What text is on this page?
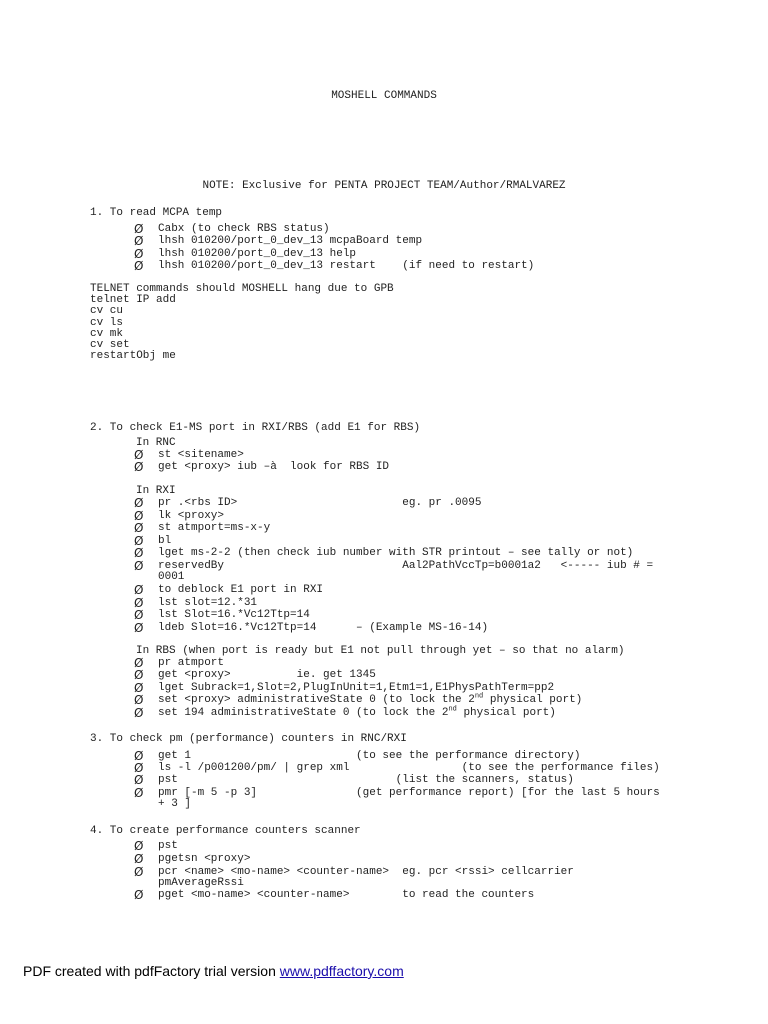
MOSHELL COMMANDS
NOTE: Exclusive for PENTA PROJECT TEAM/Author/RMALVAREZ
1. To read MCPA temp
Ø Cabx (to check RBS status)
Ø lhsh 010200/port_0_dev_13 mcpaBoard temp
Ø lhsh 010200/port_0_dev_13 help
Ø lhsh 010200/port_0_dev_13 restart    (if need to restart)
TELNET commands should MOSHELL hang due to GPB
telnet IP add
cv cu
cv ls
cv mk
cv set
restartObj me
2. To check E1-MS port in RXI/RBS (add E1 for RBS)
In RNC
Ø st <sitename>
Ø get <proxy> iub –à  look for RBS ID
In RXI
Ø pr .<rbs ID>                         eg. pr .0095
Ø lk <proxy>
Ø st atmport=ms-x-y
Ø bl
Ø lget ms-2-2 (then check iub number with STR printout – see tally or not)
Ø reservedBy                           Aal2PathVccTp=b0001a2   <----- iub # =
0001
Ø to deblock E1 port in RXI
Ø lst slot=12.*31
Ø lst Slot=16.*Vc12Ttp=14
Ø ldeb Slot=16.*Vc12Ttp=14      – (Example MS-16-14)
In RBS (when port is ready but E1 not pull through yet – so that no alarm)
Ø pr atmport
Ø get <proxy>          ie. get 1345
Ø lget Subrack=1,Slot=2,PlugInUnit=1,Etm1=1,E1PhysPathTerm=pp2
Ø set <proxy> administrativeState 0 (to lock the 2nd physical port)
Ø set 194 administrativeState 0 (to lock the 2nd physical port)
3. To check pm (performance) counters in RNC/RXI
Ø get 1                         (to see the performance directory)
Ø ls -l /p001200/pm/ | grep xml                 (to see the performance files)
Ø pst                                 (list the scanners, status)
Ø pmr [-m 5 -p 3]               (get performance report) [for the last 5 hours
+ 3 ]
4. To create performance counters scanner
Ø pst
Ø pgetsn <proxy>
Ø pcr <name> <mo-name> <counter-name>  eg. pcr <rssi> cellcarrier
pmAverageRssi
Ø pget <mo-name> <counter-name>        to read the counters
PDF created with pdfFactory trial version www.pdffactory.com
